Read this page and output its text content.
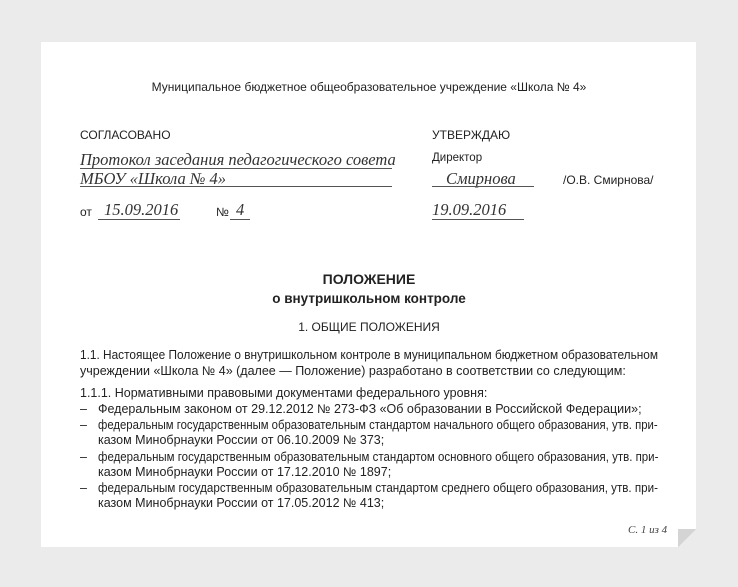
Муниципальное бюджетное общеобразовательное учреждение «Школа № 4»
СОГЛАСОВАНО
Протокол заседания педагогического совета
МБОУ «Школа № 4»
от 15.09.2016	№ 4
УТВЕРЖДАЮ
Директор
Смирнова	/О.В. Смирнова/
19.09.2016
ПОЛОЖЕНИЕ
о внутришкольном контроле
1. ОБЩИЕ ПОЛОЖЕНИЯ
1.1. Настоящее Положение о внутришкольном контроле в муниципальном бюджетном образовательном
учреждении «Школа № 4» (далее — Положение) разработано в соответствии со следующим:
1.1.1. Нормативными правовыми документами федерального уровня:
– Федеральным законом от 29.12.2012 № 273-ФЗ «Об образовании в Российской Федерации»;
– федеральным государственным образовательным стандартом начального общего образования, утв. при-
казом Минобрнауки России от 06.10.2009 № 373;
– федеральным государственным образовательным стандартом основного общего образования, утв. при-
казом Минобрнауки России от 17.12.2010 № 1897;
– федеральным государственным образовательным стандартом среднего общего образования, утв. при-
казом Минобрнауки России от 17.05.2012 № 413;
С. 1 из 4
